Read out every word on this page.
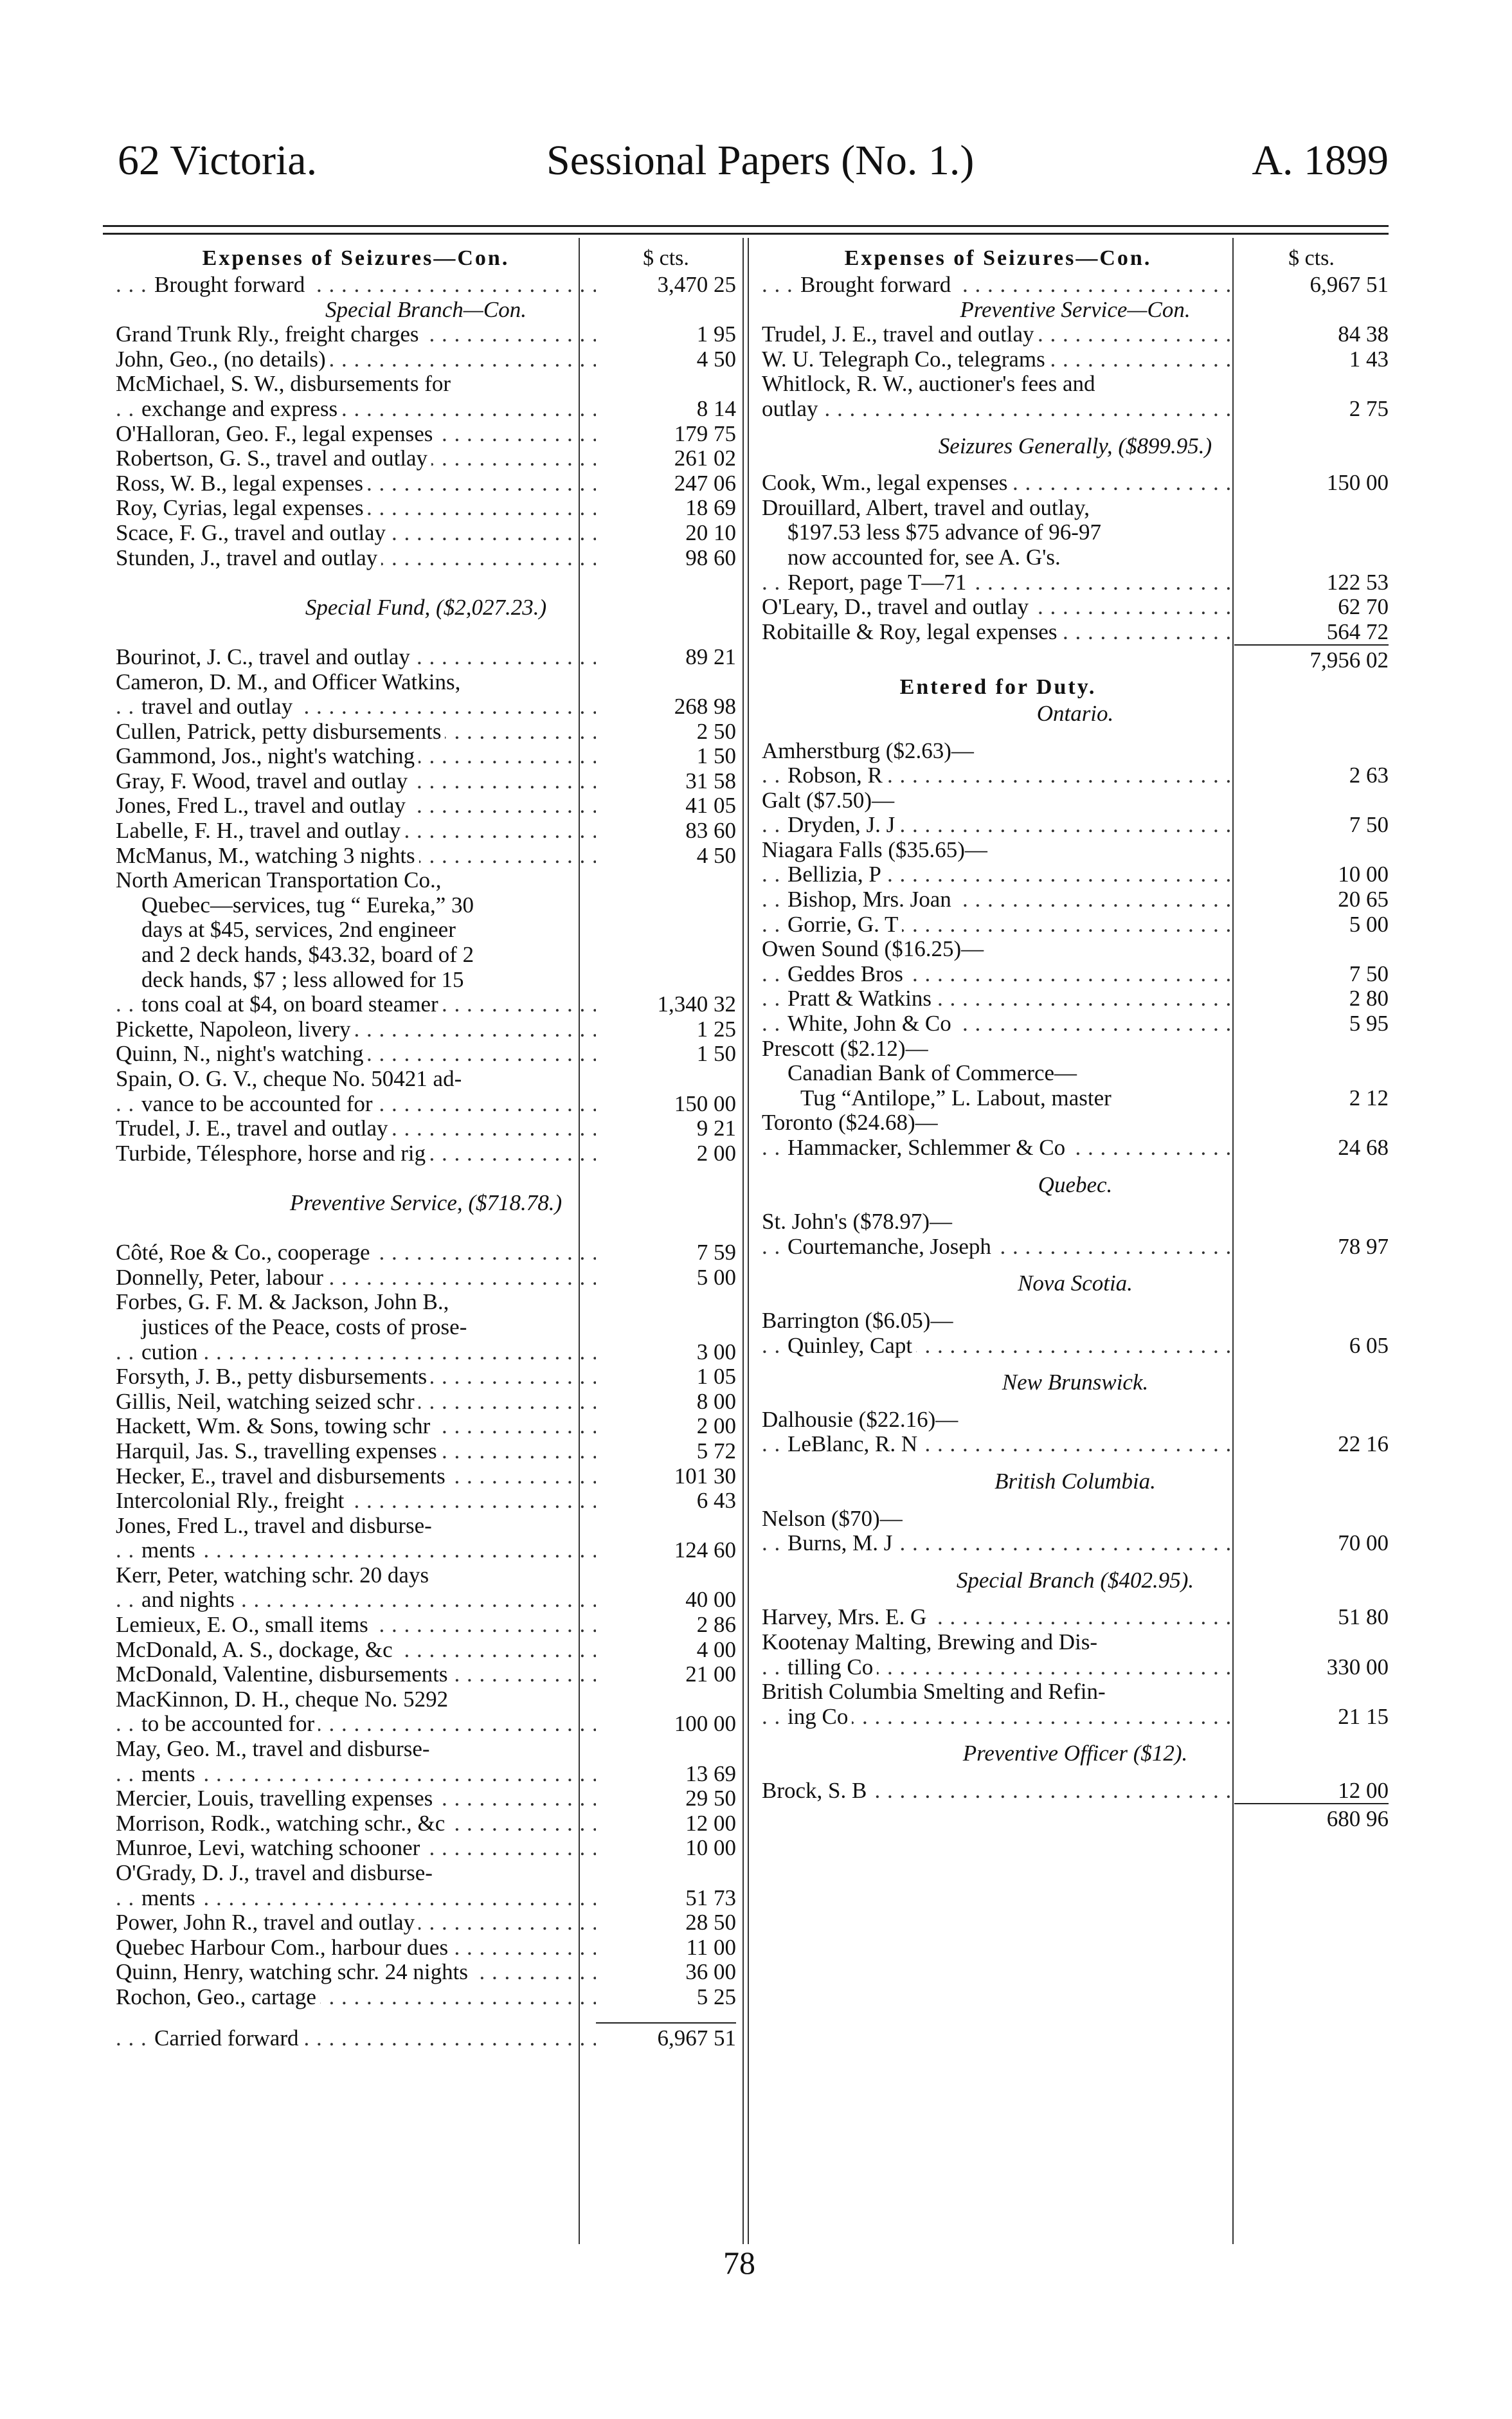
62 Victoria.	Sessional Papers (No. 1.)	A. 1899
Expenses of Seizures—Con.	$ cts.
Brought forward . . .	3,470 25
Special Branch—Con.
Grand Trunk Rly., freight charges . . .	1 95
John, Geo., (no details) . . .	4 50
McMichael, S. W., disbursements for
exchange and express . . .	8 14
O'Halloran, Geo. F., legal expenses . . .	179 75
Robertson, G. S., travel and outlay . . .	261 02
Ross, W. B., legal expenses . . .	247 06
Roy, Cyrias, legal expenses . . .	18 69
Scace, F. G., travel and outlay . . .	20 10
Stunden, J., travel and outlay . . .	98 60
Special Fund, ($2,027.23.)
Bourinot, J. C., travel and outlay . . .	89 21
Cameron, D. M., and Officer Watkins,
travel and outlay . . .	268 98
Cullen, Patrick, petty disbursements . . .	2 50
Gammond, Jos., night's watching . . .	1 50
Gray, F. Wood, travel and outlay . . .	31 58
Jones, Fred L., travel and outlay . . .	41 05
Labelle, F. H., travel and outlay . . .	83 60
McManus, M., watching 3 nights . . .	4 50
North American Transportation Co.,
Quebec—services, tug “ Eureka,” 30
days at $45, services, 2nd engineer
and 2 deck hands, $43.32, board of 2
deck hands, $7 ; less allowed for 15
tons coal at $4, on board steamer . . .	1,340 32
Pickette, Napoleon, livery . . .	1 25
Quinn, N., night's watching . . .	1 50
Spain, O. G. V., cheque No. 50421 ad-
vance to be accounted for . . .	150 00
Trudel, J. E., travel and outlay . . .	9 21
Turbide, Télesphore, horse and rig . . .	2 00
Preventive Service, ($718.78.)
Côté, Roe & Co., cooperage . . .	7 59
Donnelly, Peter, labour . . .	5 00
Forbes, G. F. M. & Jackson, John B.,
justices of the Peace, costs of prose-
cution . . .	3 00
Forsyth, J. B., petty disbursements . . .	1 05
Gillis, Neil, watching seized schr . . .	8 00
Hackett, Wm. & Sons, towing schr . . .	2 00
Harquil, Jas. S., travelling expenses . . .	5 72
Hecker, E., travel and disbursements . . .	101 30
Intercolonial Rly., freight . . .	6 43
Jones, Fred L., travel and disburse-
ments . . .	124 60
Kerr, Peter, watching schr. 20 days
and nights . . .	40 00
Lemieux, E. O., small items . . .	2 86
McDonald, A. S., dockage, &c . . .	4 00
McDonald, Valentine, disbursements . . .	21 00
MacKinnon, D. H., cheque No. 5292
to be accounted for . . .	100 00
May, Geo. M., travel and disburse-
ments . . .	13 69
Mercier, Louis, travelling expenses . . .	29 50
Morrison, Rodk., watching schr., &c . . .	12 00
Munroe, Levi, watching schooner . . .	10 00
O'Grady, D. J., travel and disburse-
ments . . .	51 73
Power, John R., travel and outlay . . .	28 50
Quebec Harbour Com., harbour dues . . .	11 00
Quinn, Henry, watching schr. 24 nights . . .	36 00
Rochon, Geo., cartage . . .	5 25
Carried forward . . .	6,967 51
Expenses of Seizures—Con.	$ cts.
Brought forward . . .	6,967 51
Preventive Service—Con.
Trudel, J. E., travel and outlay . . .	84 38
W. U. Telegraph Co., telegrams . . .	1 43
Whitlock, R. W., auctioner's fees and
outlay . . .	2 75
Seizures Generally, ($899.95.)
Cook, Wm., legal expenses . . .	150 00
Drouillard, Albert, travel and outlay,
$197.53 less $75 advance of 96-97
now accounted for, see A. G's.
Report, page T—71 . . .	122 53
O'Leary, D., travel and outlay . . .	62 70
Robitaille & Roy, legal expenses . . .	564 72
7,956 02
Entered for Duty.
Ontario.
Amherstburg ($2.63)—
Robson, R . . .	2 63
Galt ($7.50)—
Dryden, J. J . . .	7 50
Niagara Falls ($35.65)—
Bellizia, P . . .	10 00
Bishop, Mrs. Joan . . .	20 65
Gorrie, G. T . . .	5 00
Owen Sound ($16.25)—
Geddes Bros . . .	7 50
Pratt & Watkins . . .	2 80
White, John & Co . . .	5 95
Prescott ($2.12)—
Canadian Bank of Commerce—
Tug “Antilope,” L. Labout, master	2 12
Toronto ($24.68)—
Hammacker, Schlemmer & Co . . .	24 68
Quebec.
St. John's ($78.97)—
Courtemanche, Joseph . . .	78 97
Nova Scotia.
Barrington ($6.05)—
Quinley, Capt . . .	6 05
New Brunswick.
Dalhousie ($22.16)—
LeBlanc, R. N . . .	22 16
British Columbia.
Nelson ($70)—
Burns, M. J . . .	70 00
Special Branch ($402.95).
Harvey, Mrs. E. G . . .	51 80
Kootenay Malting, Brewing and Dis-
tilling Co . . .	330 00
British Columbia Smelting and Refin-
ing Co . . .	21 15
Preventive Officer ($12).
Brock, S. B . . .	12 00
680 96
78
